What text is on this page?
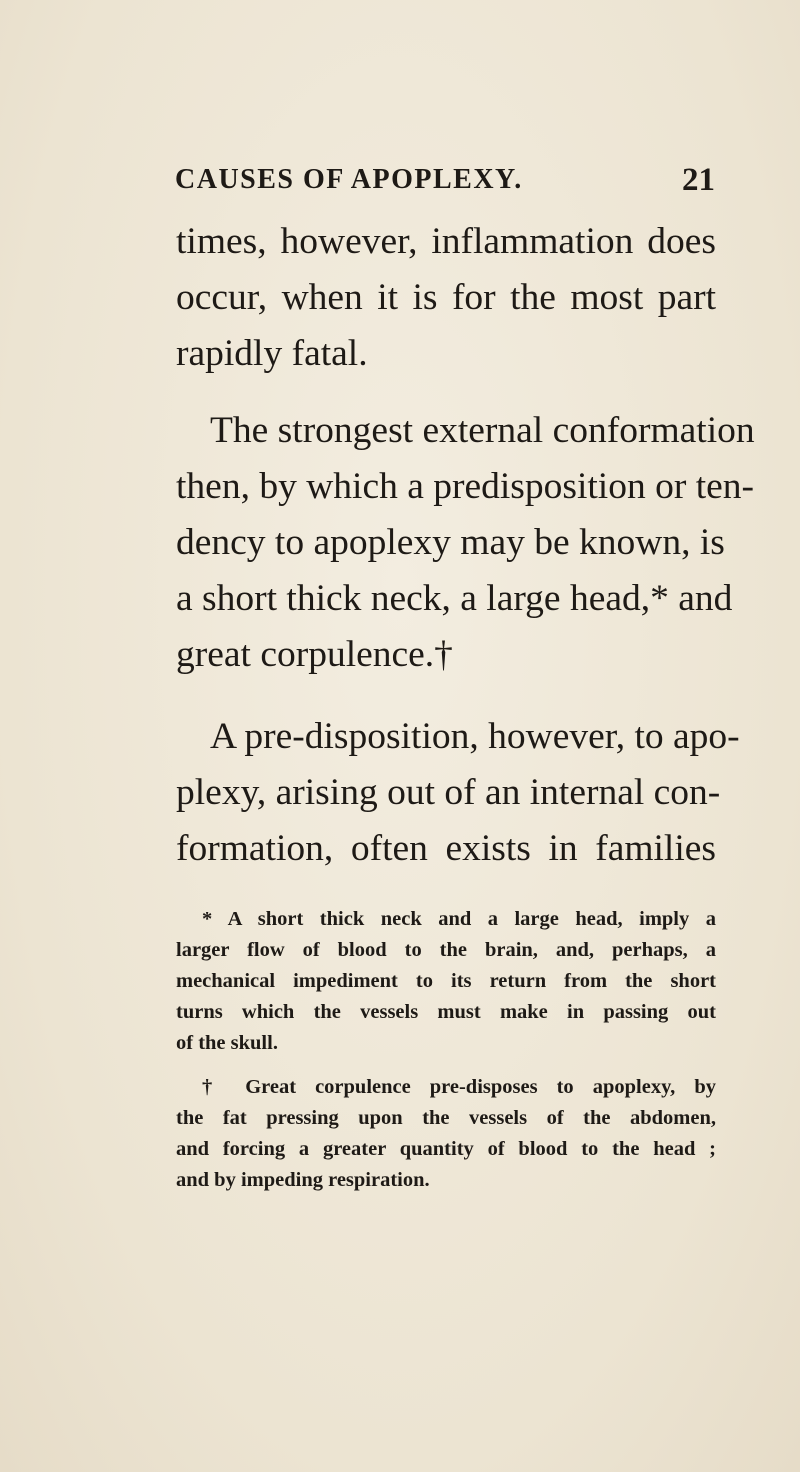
CAUSES OF APOPLEXY.	21
times, however, inflammation does
occur, when it is for the most part
rapidly fatal.
The strongest external conformation
then, by which a predisposition or ten-
dency to apoplexy may be known, is
a short thick neck, a large head,* and
great corpulence.†
A pre-disposition, however, to apo-
plexy, arising out of an internal con-
formation, often exists in families
* A short thick neck and a large head, imply a
larger flow of blood to the brain, and, perhaps, a
mechanical impediment to its return from the short
turns which the vessels must make in passing out
of the skull.
† Great corpulence pre-disposes to apoplexy, by
the fat pressing upon the vessels of the abdomen,
and forcing a greater quantity of blood to the head ;
and by impeding respiration.
